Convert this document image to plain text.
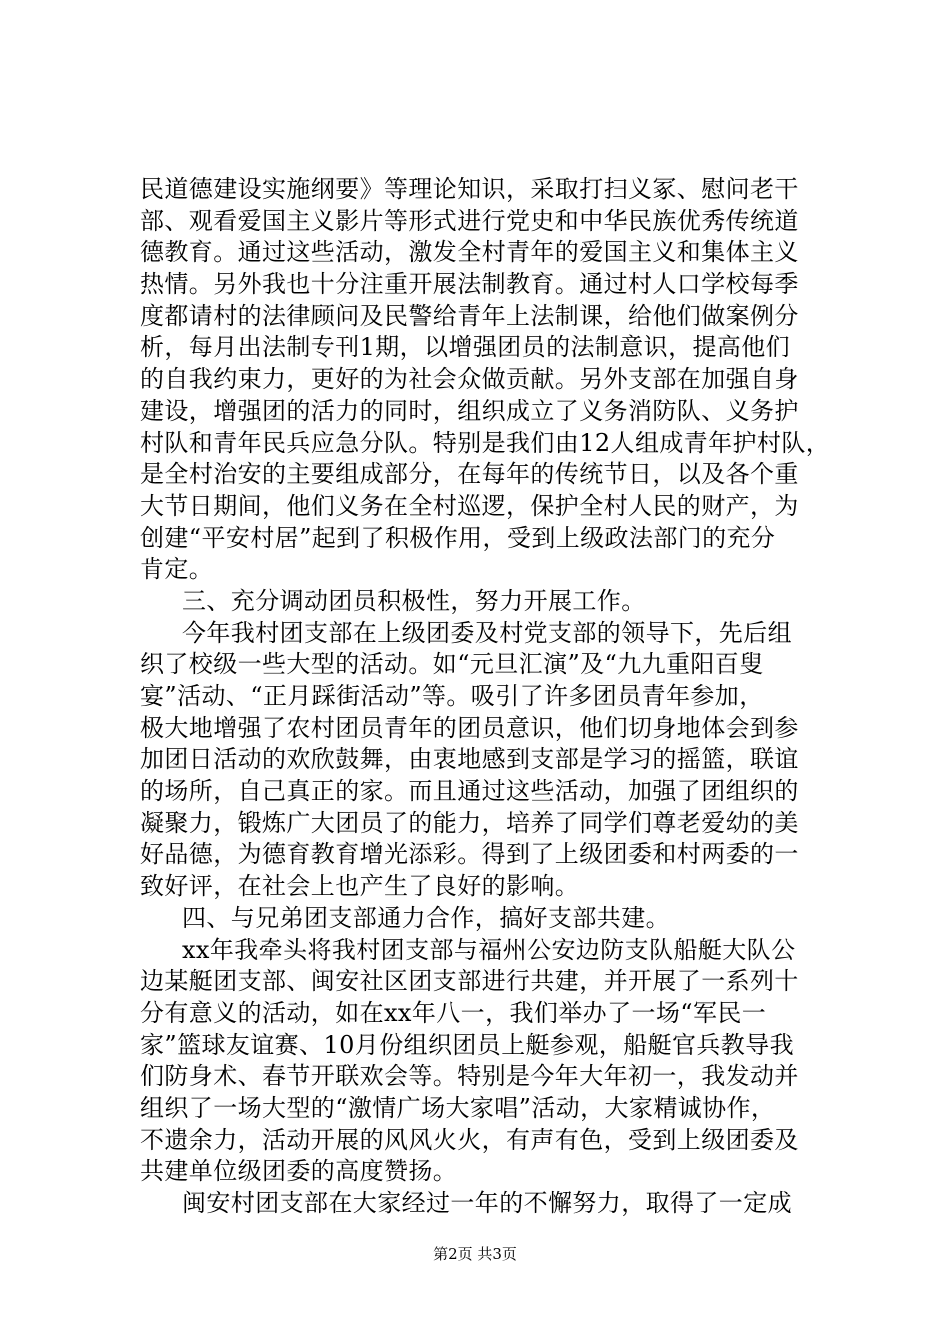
民道德建设实施纲要》等理论知识，采取打扫义冢、慰问老干
部、观看爱国主义影片等形式进行党史和中华民族优秀传统道
德教育。通过这些活动，激发全村青年的爱国主义和集体主义
热情。另外我也十分注重开展法制教育。通过村人口学校每季
度都请村的法律顾问及民警给青年上法制课，给他们做案例分
析，每月出法制专刊1期，以增强团员的法制意识，提高他们
的自我约束力，更好的为社会众做贡献。另外支部在加强自身
建设，增强团的活力的同时，组织成立了义务消防队、义务护
村队和青年民兵应急分队。特别是我们由12人组成青年护村队，
是全村治安的主要组成部分，在每年的传统节日，以及各个重
大节日期间，他们义务在全村巡逻，保护全村人民的财产，为
创建“平安村居”起到了积极作用，受到上级政法部门的充分
肯定。
三、充分调动团员积极性，努力开展工作。
今年我村团支部在上级团委及村党支部的领导下，先后组
织了校级一些大型的活动。如“元旦汇演”及“九九重阳百叟
宴”活动、“正月踩街活动”等。吸引了许多团员青年参加，
极大地增强了农村团员青年的团员意识，他们切身地体会到参
加团日活动的欢欣鼓舞，由衷地感到支部是学习的摇篮，联谊
的场所，自己真正的家。而且通过这些活动，加强了团组织的
凝聚力，锻炼广大团员了的能力，培养了同学们尊老爱幼的美
好品德，为德育教育增光添彩。得到了上级团委和村两委的一
致好评，在社会上也产生了良好的影响。
四、与兄弟团支部通力合作，搞好支部共建。
xx年我牵头将我村团支部与福州公安边防支队船艇大队公
边某艇团支部、闽安社区团支部进行共建，并开展了一系列十
分有意义的活动，如在xx年八一，我们举办了一场“军民一
家”篮球友谊赛、10月份组织团员上艇参观，船艇官兵教导我
们防身术、春节开联欢会等。特别是今年大年初一，我发动并
组织了一场大型的“激情广场大家唱”活动，大家精诚协作，
不遗余力，活动开展的风风火火，有声有色，受到上级团委及
共建单位级团委的高度赞扬。
闽安村团支部在大家经过一年的不懈努力，取得了一定成
第2页 共3页
